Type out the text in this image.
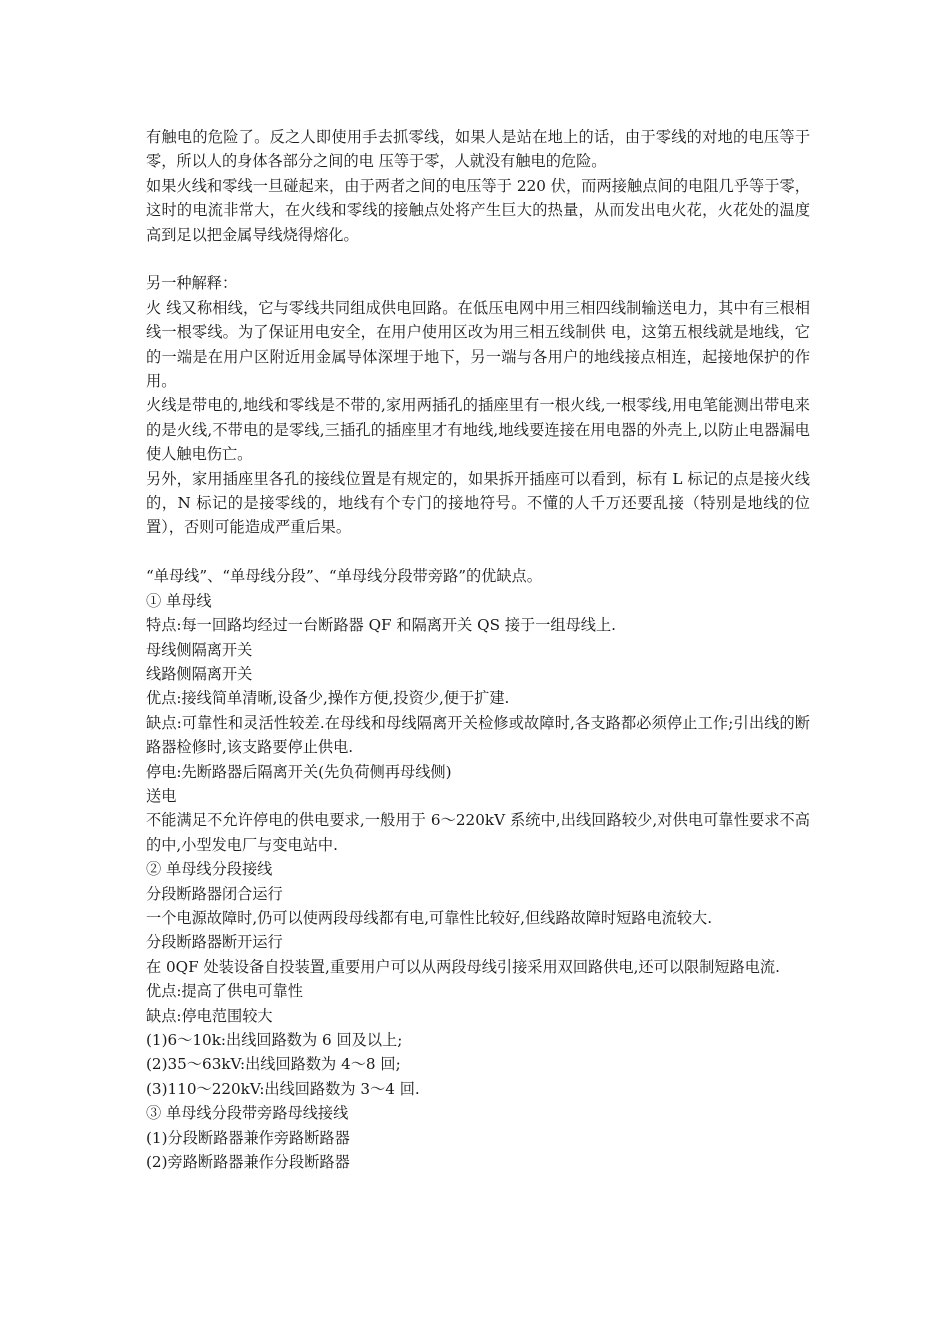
有触电的危险了。反之人即使用手去抓零线，如果人是站在地上的话，由于零线的对地的电压等于零，所以人的身体各部分之间的电 压等于零，人就没有触电的危险。

如果火线和零线一旦碰起来，由于两者之间的电压等于 220 伏，而两接触点间的电阻几乎等于零，这时的电流非常大，在火线和零线的接触点处将产生巨大的热量，从而发出电火花，火花处的温度高到足以把金属导线烧得熔化。

另一种解释：

火 线又称相线，它与零线共同组成供电回路。在低压电网中用三相四线制输送电力，其中有三根相线一根零线。为了保证用电安全，在用户使用区改为用三相五线制供 电，这第五根线就是地线，它的一端是在用户区附近用金属导体深埋于地下，另一端与各用户的地线接点相连，起接地保护的作用。

火线是带电的,地线和零线是不带的,家用两插孔的插座里有一根火线,一根零线,用电笔能测出带电来的是火线,不带电的是零线,三插孔的插座里才有地线,地线要连接在用电器的外壳上,以防止电器漏电使人触电伤亡。

另外，家用插座里各孔的接线位置是有规定的，如果拆开插座可以看到，标有 L 标记的点是接火线的，N 标记的是接零线的，地线有个专门的接地符号。不懂的人千万还要乱接（特别是地线的位置），否则可能造成严重后果。

“单母线”、“单母线分段”、“单母线分段带旁路”的优缺点。

① 单母线

特点:每一回路均经过一台断路器 QF 和隔离开关 QS 接于一组母线上.

母线侧隔离开关

线路侧隔离开关

优点:接线简单清晰,设备少,操作方便,投资少,便于扩建.

缺点:可靠性和灵活性较差.在母线和母线隔离开关检修或故障时,各支路都必须停止工作;引出线的断路器检修时,该支路要停止供电.

停电:先断路器后隔离开关(先负荷侧再母线侧)

送电

不能满足不允许停电的供电要求,一般用于 6～220kV 系统中,出线回路较少,对供电可靠性要求不高的中,小型发电厂与变电站中.

② 单母线分段接线

分段断路器闭合运行

一个电源故障时,仍可以使两段母线都有电,可靠性比较好,但线路故障时短路电流较大.

分段断路器断开运行

在 0QF 处装设备自投装置,重要用户可以从两段母线引接采用双回路供电,还可以限制短路电流.

优点:提高了供电可靠性

缺点:停电范围较大

(1)6～10k:出线回路数为 6 回及以上;

(2)35～63kV:出线回路数为 4～8 回;

(3)110～220kV:出线回路数为 3～4 回.

③ 单母线分段带旁路母线接线

(1)分段断路器兼作旁路断路器

(2)旁路断路器兼作分段断路器
